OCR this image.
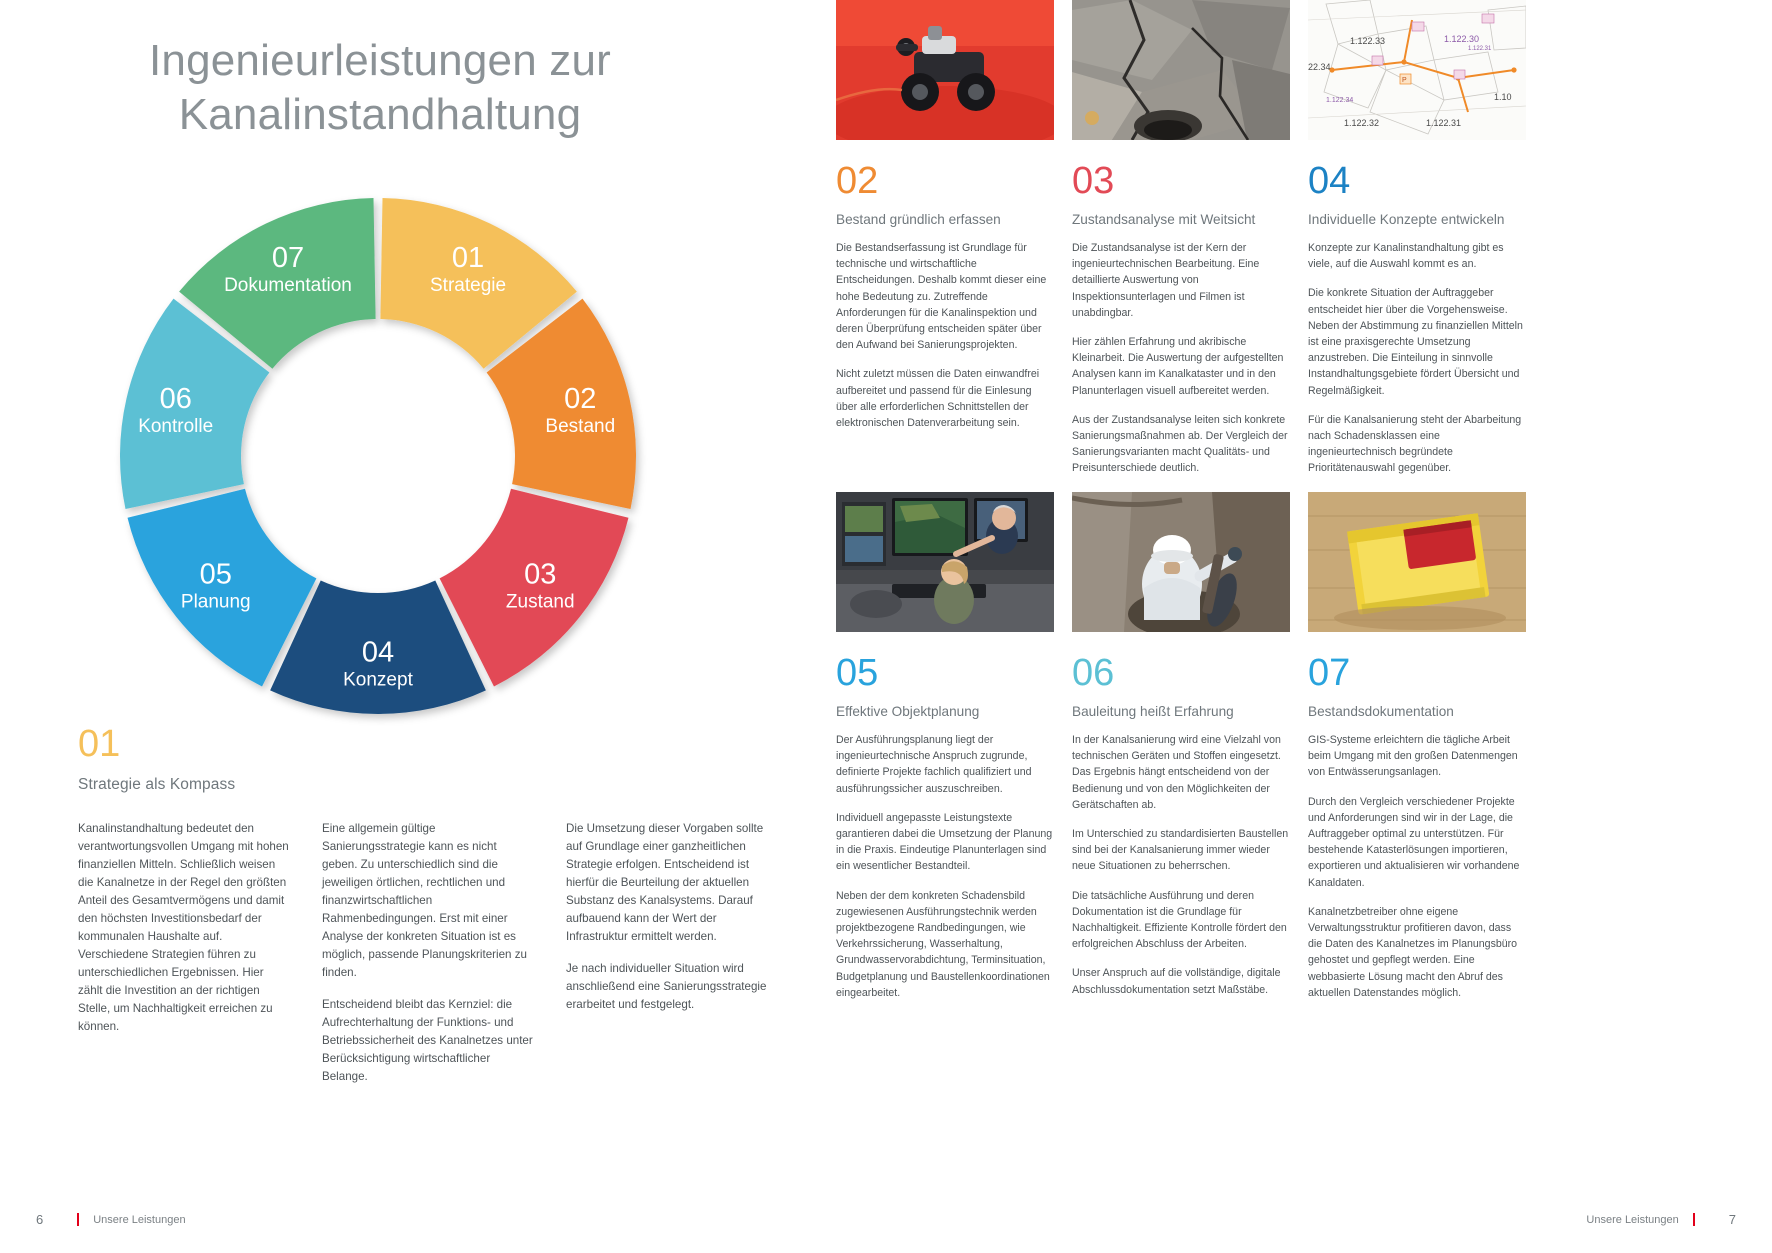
Ingenieurleistungen zur
Kanalinstandhaltung
01
Strategie
02
Bestand
03
Zustand
04
Konzept
05
Planung
06
Kontrolle
07
Dokumentation
01
Strategie als Kompass

Kanalinstandhaltung bedeutet den verantwortungsvollen Umgang mit hohen finanziellen Mitteln. Schließlich weisen die Kanalnetze in der Regel den größten Anteil des Gesamtvermögens und damit den höchsten Investitionsbedarf der kommunalen Haushalte auf. Verschiedene Strategien führen zu unterschiedlichen Ergebnissen. Hier zählt die Investition an der richtigen Stelle, um Nachhaltigkeit erreichen zu können.

Eine allgemein gültige Sanierungsstrategie kann es nicht geben. Zu unterschiedlich sind die jeweiligen örtlichen, rechtlichen und finanzwirtschaftlichen Rahmenbedingungen. Erst mit einer Analyse der konkreten Situation ist es möglich, passende Planungskriterien zu finden.

Entscheidend bleibt das Kernziel: die Aufrechterhaltung der Funktions- und Betriebssicherheit des Kanalnetzes unter Berücksichtigung wirtschaftlicher Belange.

Die Umsetzung dieser Vorgaben sollte auf Grundlage einer ganzheitlichen Strategie erfolgen. Entscheidend ist hierfür die Beurteilung der aktuellen Substanz des Kanalsystems. Darauf aufbauend kann der Wert der Infrastruktur ermittelt werden.

Je nach individueller Situation wird anschließend eine Sanierungsstrategie erarbeitet und festgelegt.

6	Unsere Leistungen
02
Bestand gründlich erfassen

Die Bestandserfassung ist Grundlage für technische und wirtschaftliche Entscheidungen. Deshalb kommt dieser eine hohe Bedeutung zu. Zutreffende Anforderungen für die Kanalinspektion und deren Überprüfung entscheiden später über den Aufwand bei Sanierungsprojekten.

Nicht zuletzt müssen die Daten einwandfrei aufbereitet und passend für die Einlesung über alle erforderlichen Schnittstellen der elektronischen Datenverarbeitung sein.

03
Zustandsanalyse mit Weitsicht

Die Zustandsanalyse ist der Kern der ingenieurtechnischen Bearbeitung. Eine detaillierte Auswertung von Inspektionsunterlagen und Filmen ist unabdingbar.

Hier zählen Erfahrung und akribische Kleinarbeit. Die Auswertung der aufgestellten Analysen kann im Kanalkataster und in den Planunterlagen visuell aufbereitet werden.

Aus der Zustandsanalyse leiten sich konkrete Sanierungsmaßnahmen ab. Der Vergleich der Sanierungsvarianten macht Qualitäts- und Preisunterschiede deutlich.

1.122.33	1.122.30
22.34
1.122.34
1.122.32	1.122.31
1.10
1.122.31
P
04
Individuelle Konzepte entwickeln

Konzepte zur Kanalinstandhaltung gibt es viele, auf die Auswahl kommt es an.

Die konkrete Situation der Auftraggeber entscheidet hier über die Vorgehensweise. Neben der Abstimmung zu finanziellen Mitteln ist eine praxisgerechte Umsetzung anzustreben. Die Einteilung in sinnvolle Instandhaltungsgebiete fördert Übersicht und Regelmäßigkeit.

Für die Kanalsanierung steht der Abarbeitung nach Schadensklassen eine ingenieurtechnisch begründete Prioritätenauswahl gegenüber.

05
Effektive Objektplanung

Der Ausführungsplanung liegt der ingenieurtechnische Anspruch zugrunde, definierte Projekte fachlich qualifiziert und ausführungssicher auszuschreiben.

Individuell angepasste Leistungstexte garantieren dabei die Umsetzung der Planung in die Praxis. Eindeutige Planunterlagen sind ein wesentlicher Bestandteil.

Neben der dem konkreten Schadensbild zugewiesenen Ausführungstechnik werden projektbezogene Randbedingungen, wie Verkehrssicherung, Wasserhaltung, Grundwasservorabdichtung, Terminsituation, Budgetplanung und Baustellenkoordinationen eingearbeitet.

06
Bauleitung heißt Erfahrung

In der Kanalsanierung wird eine Vielzahl von technischen Geräten und Stoffen eingesetzt. Das Ergebnis hängt entscheidend von der Bedienung und von den Möglichkeiten der Gerätschaften ab.

Im Unterschied zu standardisierten Baustellen sind bei der Kanalsanierung immer wieder neue Situationen zu beherrschen.

Die tatsächliche Ausführung und deren Dokumentation ist die Grundlage für Nachhaltigkeit. Effiziente Kontrolle fördert den erfolgreichen Abschluss der Arbeiten.

Unser Anspruch auf die vollständige, digitale Abschlussdokumentation setzt Maßstäbe.

07
Bestandsdokumentation

GIS-Systeme erleichtern die tägliche Arbeit beim Umgang mit den großen Datenmengen von Entwässerungsanlagen.

Durch den Vergleich verschiedener Projekte und Anforderungen sind wir in der Lage, die Auftraggeber optimal zu unterstützen. Für bestehende Katasterlösungen importieren, exportieren und aktualisieren wir vorhandene Kanaldaten.

Kanalnetzbetreiber ohne eigene Verwaltungsstruktur profitieren davon, dass die Daten des Kanalnetzes im Planungsbüro gehostet und gepflegt werden. Eine webbasierte Lösung macht den Abruf des aktuellen Datenstandes möglich.

Unsere Leistungen	7
